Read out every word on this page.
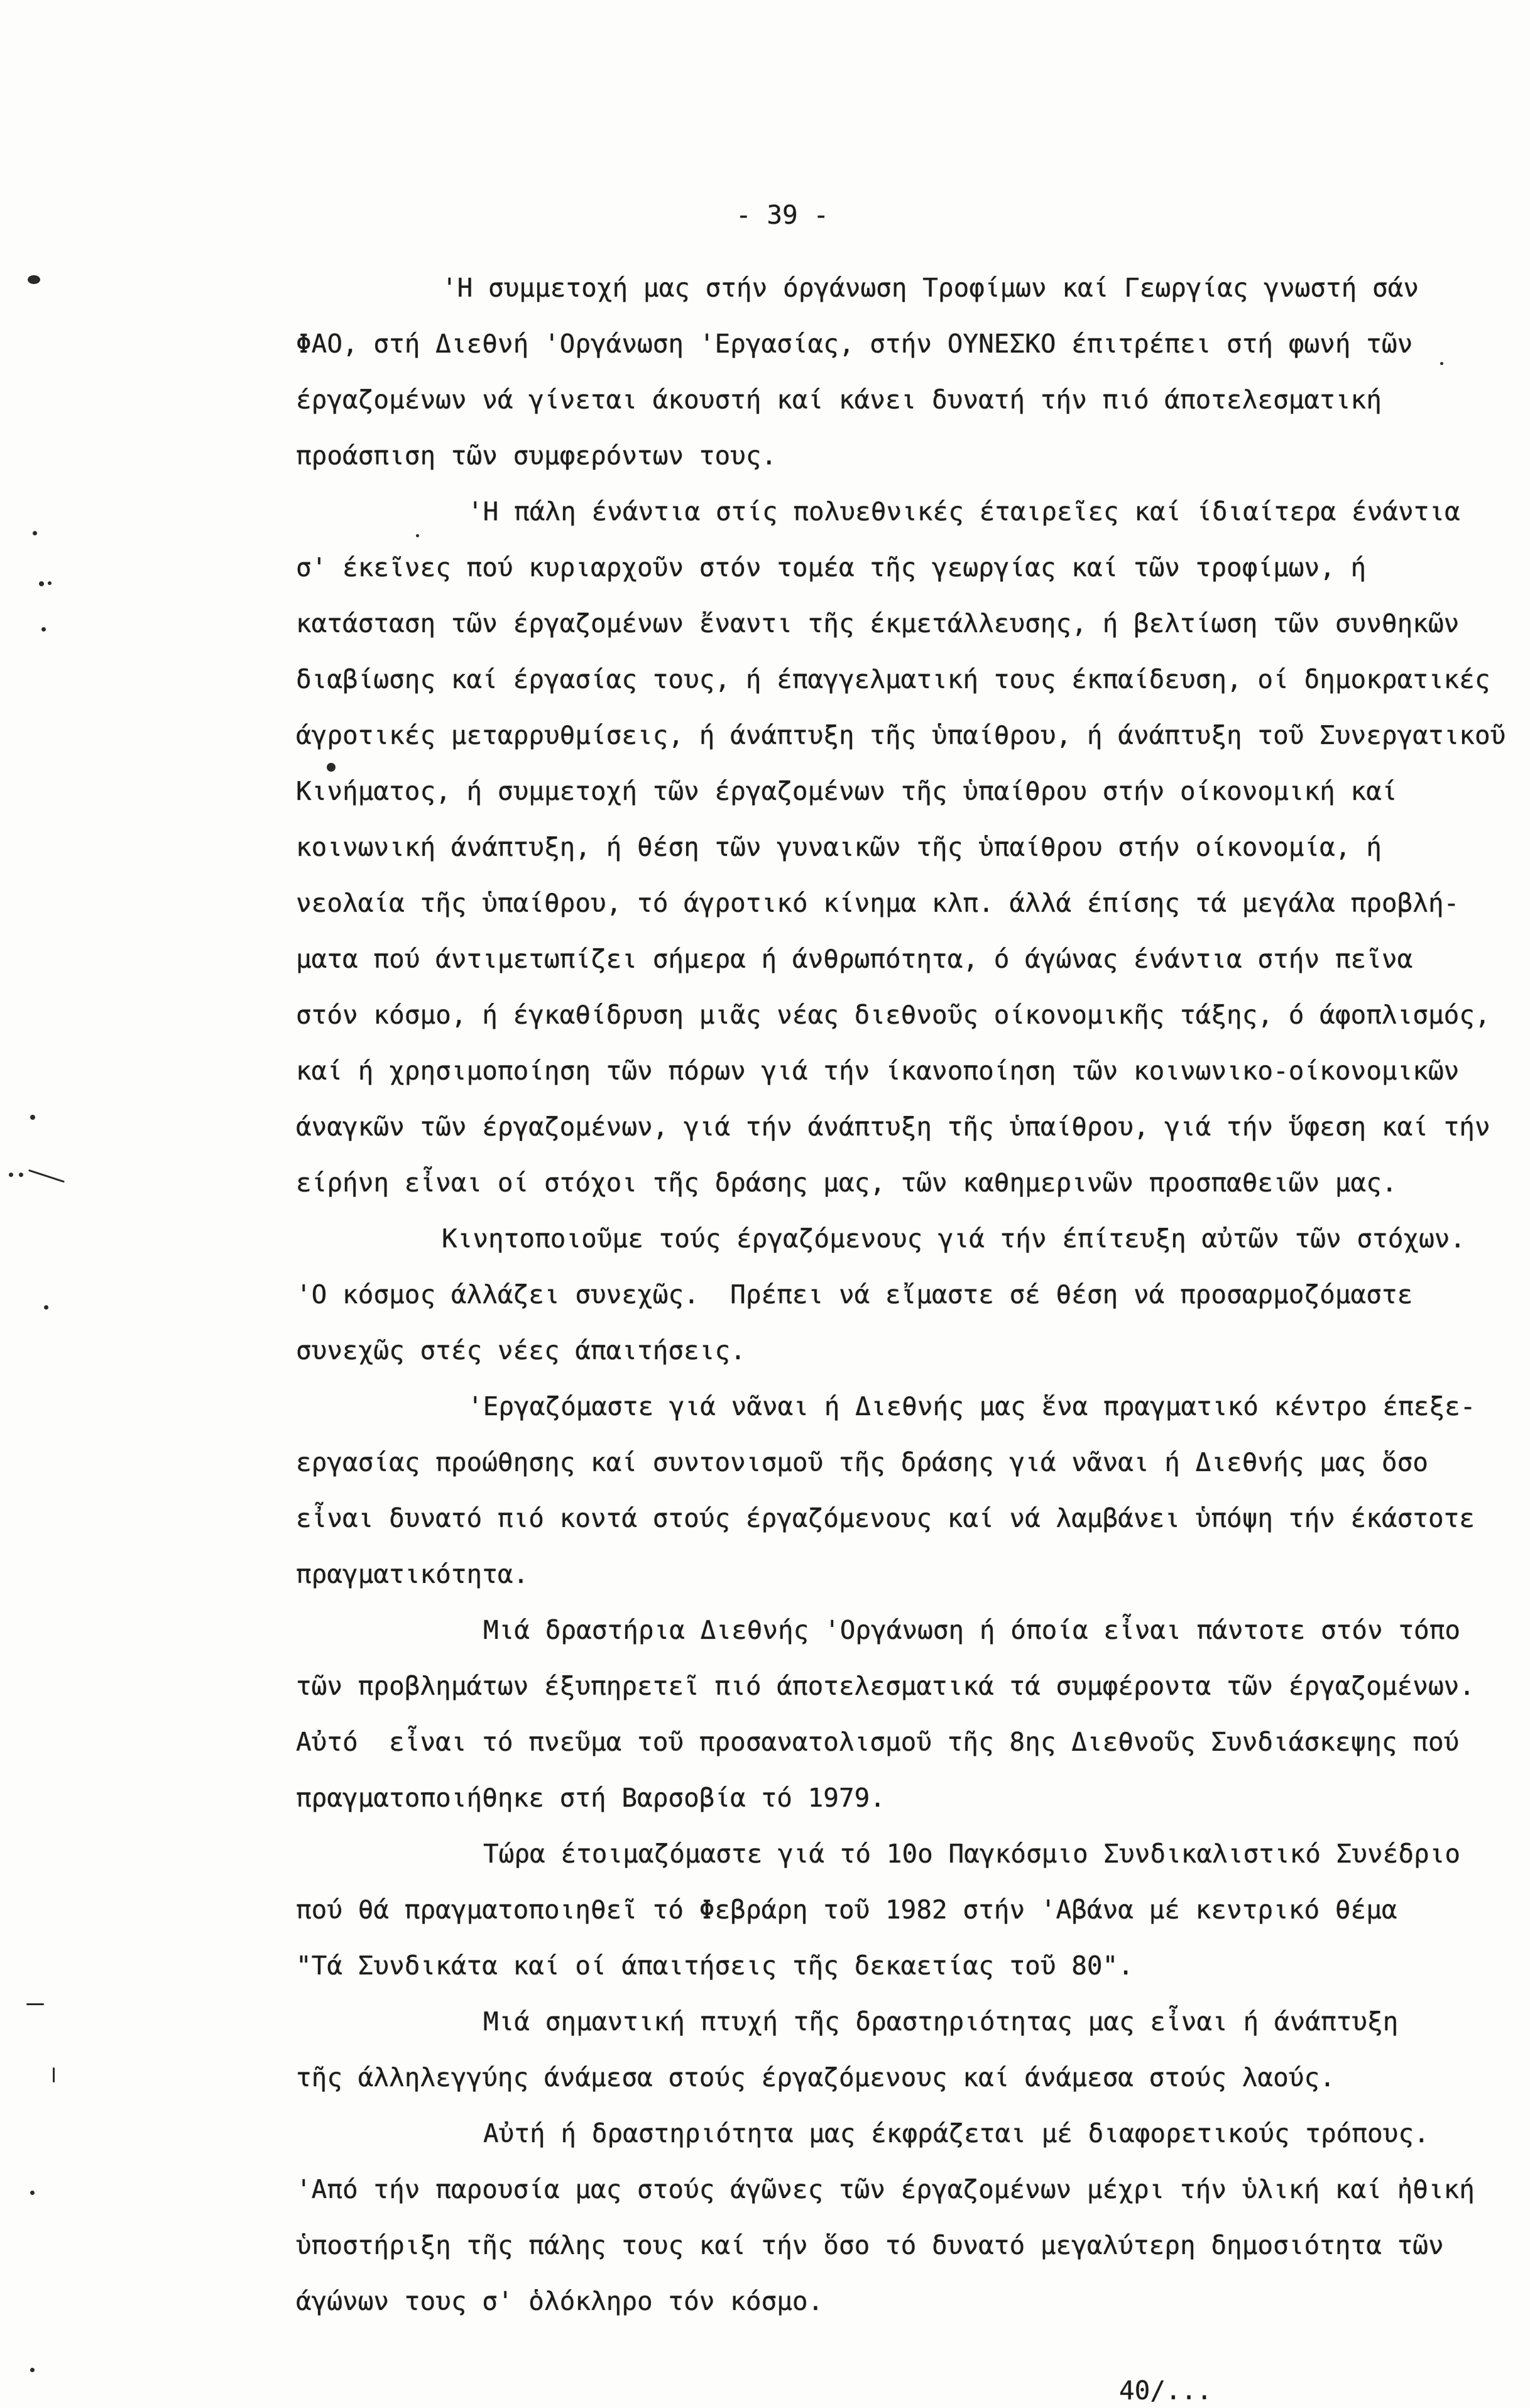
- 39 -
'Η συμμετοχή μας στήν όργάνωση Τροφίμων καί Γεωργίας γνωστή σάν
ΦΑΟ, στή Διεθνή 'Οργάνωση 'Εργασίας, στήν ΟΥΝΕΣΚΟ έπιτρέπει στή φωνή τῶν
έργαζομένων νά γίνεται άκουστή καί κάνει δυνατή τήν πιό άποτελεσματική
προάσπιση τῶν συμφερόντων τους.
'Η πάλη ένάντια στίς πολυεθνικές έταιρεῖες καί ίδιαίτερα ένάντια
σ' έκεῖνες πού κυριαρχοῦν στόν τομέα τῆς γεωργίας καί τῶν τροφίμων, ή
κατάσταση τῶν έργαζομένων ἔναντι τῆς έκμετάλλευσης, ή βελτίωση τῶν συνθηκῶν
διαβίωσης καί έργασίας τους, ή έπαγγελματική τους έκπαίδευση, οί δημοκρατικές
άγροτικές μεταρρυθμίσεις, ή άνάπτυξη τῆς ὑπαίθρου, ή άνάπτυξη τοῦ Συνεργατικοῦ
Κινήματος, ή συμμετοχή τῶν έργαζομένων τῆς ὑπαίθρου στήν οίκονομική καί
κοινωνική άνάπτυξη, ή θέση τῶν γυναικῶν τῆς ὑπαίθρου στήν οίκονομία, ή
νεολαία τῆς ὑπαίθρου, τό άγροτικό κίνημα κλπ. άλλά έπίσης τά μεγάλα προβλή-
ματα πού άντιμετωπίζει σήμερα ή άνθρωπότητα, ό άγώνας ένάντια στήν πεῖνα
στόν κόσμο, ή έγκαθίδρυση μιᾶς νέας διεθνοῦς οίκονομικῆς τάξης, ό άφοπλισμός,
καί ή χρησιμοποίηση τῶν πόρων γιά τήν ίκανοποίηση τῶν κοινωνικο-οίκονομικῶν
άναγκῶν τῶν έργαζομένων, γιά τήν άνάπτυξη τῆς ὑπαίθρου, γιά τήν ὕφεση καί τήν
είρήνη εἶναι οί στόχοι τῆς δράσης μας, τῶν καθημερινῶν προσπαθειῶν μας.
Κινητοποιοῦμε τούς έργαζόμενους γιά τήν έπίτευξη αὐτῶν τῶν στόχων.
'Ο κόσμος άλλάζει συνεχῶς.  Πρέπει νά εἴμαστε σέ θέση νά προσαρμοζόμαστε
συνεχῶς στές νέες άπαιτήσεις.
'Εργαζόμαστε γιά νᾶναι ή Διεθνής μας ἕνα πραγματικό κέντρο έπεξε-
εργασίας προώθησης καί συντονισμοῦ τῆς δράσης γιά νᾶναι ή Διεθνής μας ὅσο
εἶναι δυνατό πιό κοντά στούς έργαζόμενους καί νά λαμβάνει ὑπόψη τήν έκάστοτε
πραγματικότητα.
Μιά δραστήρια Διεθνής 'Οργάνωση ή όποία εἶναι πάντοτε στόν τόπο
τῶν προβλημάτων έξυπηρετεῖ πιό άποτελεσματικά τά συμφέροντα τῶν έργαζομένων.
Αὐτό  εἶναι τό πνεῦμα τοῦ προσανατολισμοῦ τῆς 8ης Διεθνοῦς Συνδιάσκεψης πού
πραγματοποιήθηκε στή Βαρσοβία τό 1979.
Τώρα έτοιμαζόμαστε γιά τό 10ο Παγκόσμιο Συνδικαλιστικό Συνέδριο
πού θά πραγματοποιηθεῖ τό Φεβράρη τοῦ 1982 στήν 'Αβάνα μέ κεντρικό θέμα
"Τά Συνδικάτα καί οί άπαιτήσεις τῆς δεκαετίας τοῦ 80".
Μιά σημαντική πτυχή τῆς δραστηριότητας μας εἶναι ή άνάπτυξη
τῆς άλληλεγγύης άνάμεσα στούς έργαζόμενους καί άνάμεσα στούς λαούς.
Αὐτή ή δραστηριότητα μας έκφράζεται μέ διαφορετικούς τρόπους.
'Από τήν παρουσία μας στούς άγῶνες τῶν έργαζομένων μέχρι τήν ὑλική καί ἠθική
ὑποστήριξη τῆς πάλης τους καί τήν ὅσο τό δυνατό μεγαλύτερη δημοσιότητα τῶν
άγώνων τους σ' ὁλόκληρο τόν κόσμο.
40/...
